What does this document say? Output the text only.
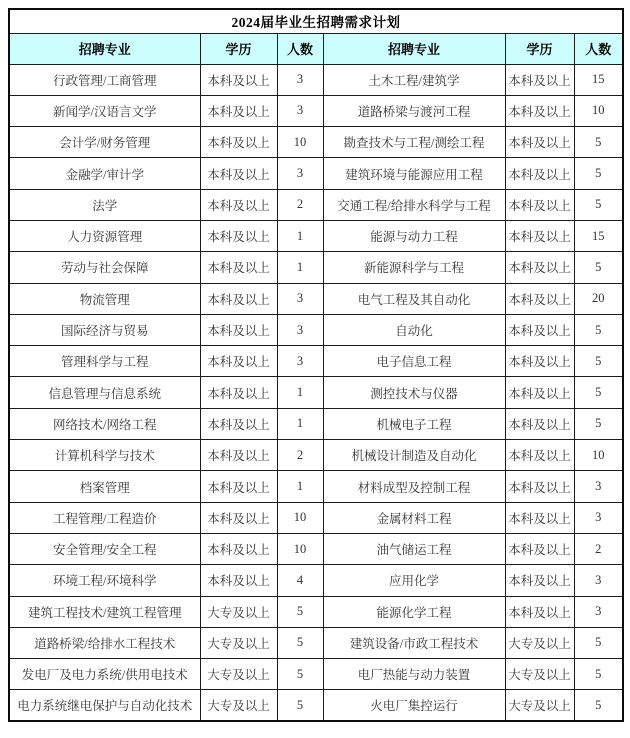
2024届毕业生招聘需求计划					
招聘专业	学历	人数	招聘专业	学历	人数
行政管理/工商管理	本科及以上	3	土木工程/建筑学	本科及以上	15
新闻学/汉语言文学	本科及以上	3	道路桥梁与渡河工程	本科及以上	10
会计学/财务管理	本科及以上	10	勘查技术与工程/测绘工程	本科及以上	5
金融学/审计学	本科及以上	3	建筑环境与能源应用工程	本科及以上	5
法学	本科及以上	2	交通工程/给排水科学与工程	本科及以上	5
人力资源管理	本科及以上	1	能源与动力工程	本科及以上	15
劳动与社会保障	本科及以上	1	新能源科学与工程	本科及以上	5
物流管理	本科及以上	3	电气工程及其自动化	本科及以上	20
国际经济与贸易	本科及以上	3	自动化	本科及以上	5
管理科学与工程	本科及以上	3	电子信息工程	本科及以上	5
信息管理与信息系统	本科及以上	1	测控技术与仪器	本科及以上	5
网络技术/网络工程	本科及以上	1	机械电子工程	本科及以上	5
计算机科学与技术	本科及以上	2	机械设计制造及自动化	本科及以上	10
档案管理	本科及以上	1	材料成型及控制工程	本科及以上	3
工程管理/工程造价	本科及以上	10	金属材料工程	本科及以上	3
安全管理/安全工程	本科及以上	10	油气储运工程	本科及以上	2
环境工程/环境科学	本科及以上	4	应用化学	本科及以上	3
建筑工程技术/建筑工程管理	大专及以上	5	能源化学工程	本科及以上	3
道路桥梁/给排水工程技术	大专及以上	5	建筑设备/市政工程技术	大专及以上	5
发电厂及电力系统/供用电技术	大专及以上	5	电厂热能与动力装置	大专及以上	5
电力系统继电保护与自动化技术	大专及以上	5	火电厂集控运行	大专及以上	5
